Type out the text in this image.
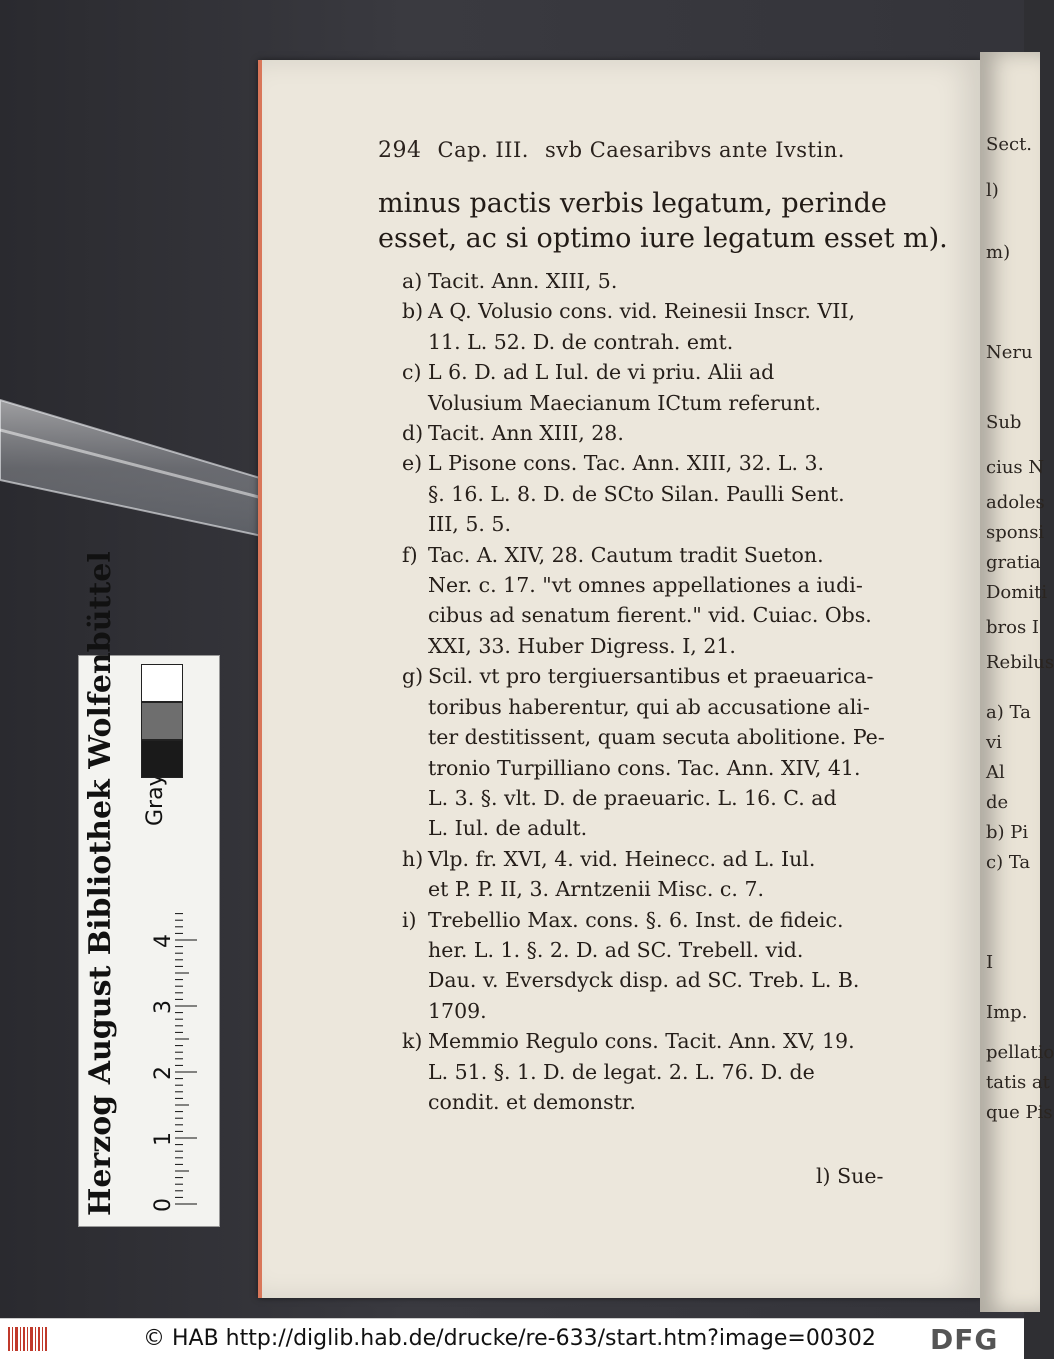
Sect.
l)
m)
Neru
Sub
cius N
adoles
sponsi
gratia
Domiti
bros I
Rebilus
a) Ta
vi
Al
de
b) Pi
c) Ta
I
Imp.
pellatio
tatis at
que Pis
294 Cap. III. svb Caesaribvs ante Ivstin.
minus pactis verbis legatum, perinde
esset, ac si optimo iure legatum esset m).
a) Tacit. Ann. XIII, 5.
b) A Q. Volusio cons. vid. Reinesii Inscr. VII,
11. L. 52. D. de contrah. emt.
c) L 6. D. ad L Iul. de vi priu. Alii ad
Volusium Maecianum ICtum referunt.
d) Tacit. Ann XIII, 28.
e) L Pisone cons. Tac. Ann. XIII, 32. L. 3.
§. 16. L. 8. D. de SCto Silan. Paulli Sent.
III, 5. 5.
f) Tac. A. XIV, 28. Cautum tradit Sueton.
Ner. c. 17. "vt omnes appellationes a iudi-
cibus ad senatum fierent." vid. Cuiac. Obs.
XXI, 33. Huber Digress. I, 21.
g) Scil. vt pro tergiuersantibus et praeuarica-
toribus haberentur, qui ab accusatione ali-
ter destitissent, quam secuta abolitione. Pe-
tronio Turpilliano cons. Tac. Ann. XIV, 41.
L. 3. §. vlt. D. de praeuaric. L. 16. C. ad
L. Iul. de adult.
h) Vlp. fr. XVI, 4. vid. Heinecc. ad L. Iul.
et P. P. II, 3. Arntzenii Misc. c. 7.
i) Trebellio Max. cons. §. 6. Inst. de fideic.
her. L. 1. §. 2. D. ad SC. Trebell. vid.
Dau. v. Eversdyck disp. ad SC. Treb. L. B.
1709.
k) Memmio Regulo cons. Tacit. Ann. XV, 19.
L. 51. §. 1. D. de legat. 2. L. 76. D. de
condit. et demonstr.
l) Sue-
Herzog August Bibliothek Wolfenbüttel 0
1
2
3
4
© HAB http://diglib.hab.de/drucke/re-633/start.htm?image=00302 DFG
